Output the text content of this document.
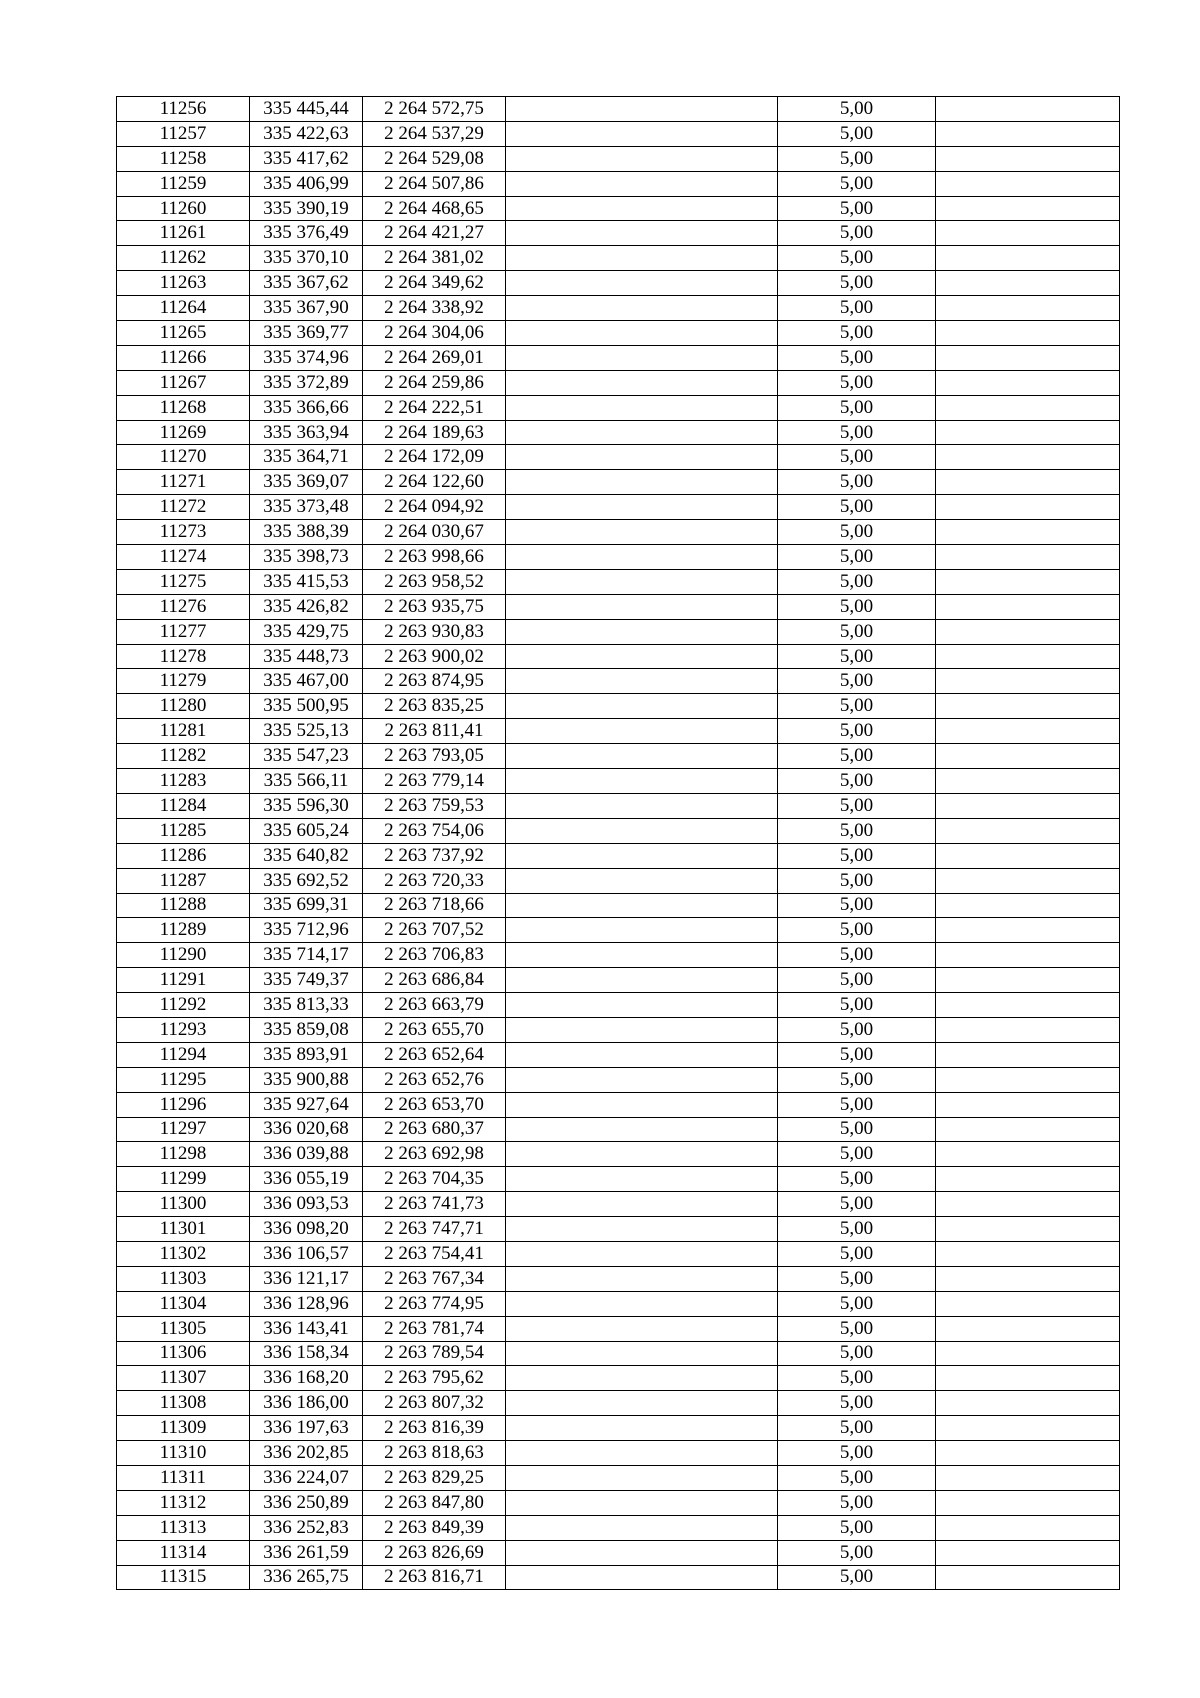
11256	335 445,44	2 264 572,75		5,00	
11257	335 422,63	2 264 537,29		5,00	
11258	335 417,62	2 264 529,08		5,00	
11259	335 406,99	2 264 507,86		5,00	
11260	335 390,19	2 264 468,65		5,00	
11261	335 376,49	2 264 421,27		5,00	
11262	335 370,10	2 264 381,02		5,00	
11263	335 367,62	2 264 349,62		5,00	
11264	335 367,90	2 264 338,92		5,00	
11265	335 369,77	2 264 304,06		5,00	
11266	335 374,96	2 264 269,01		5,00	
11267	335 372,89	2 264 259,86		5,00	
11268	335 366,66	2 264 222,51		5,00	
11269	335 363,94	2 264 189,63		5,00	
11270	335 364,71	2 264 172,09		5,00	
11271	335 369,07	2 264 122,60		5,00	
11272	335 373,48	2 264 094,92		5,00	
11273	335 388,39	2 264 030,67		5,00	
11274	335 398,73	2 263 998,66		5,00	
11275	335 415,53	2 263 958,52		5,00	
11276	335 426,82	2 263 935,75		5,00	
11277	335 429,75	2 263 930,83		5,00	
11278	335 448,73	2 263 900,02		5,00	
11279	335 467,00	2 263 874,95		5,00	
11280	335 500,95	2 263 835,25		5,00	
11281	335 525,13	2 263 811,41		5,00	
11282	335 547,23	2 263 793,05		5,00	
11283	335 566,11	2 263 779,14		5,00	
11284	335 596,30	2 263 759,53		5,00	
11285	335 605,24	2 263 754,06		5,00	
11286	335 640,82	2 263 737,92		5,00	
11287	335 692,52	2 263 720,33		5,00	
11288	335 699,31	2 263 718,66		5,00	
11289	335 712,96	2 263 707,52		5,00	
11290	335 714,17	2 263 706,83		5,00	
11291	335 749,37	2 263 686,84		5,00	
11292	335 813,33	2 263 663,79		5,00	
11293	335 859,08	2 263 655,70		5,00	
11294	335 893,91	2 263 652,64		5,00	
11295	335 900,88	2 263 652,76		5,00	
11296	335 927,64	2 263 653,70		5,00	
11297	336 020,68	2 263 680,37		5,00	
11298	336 039,88	2 263 692,98		5,00	
11299	336 055,19	2 263 704,35		5,00	
11300	336 093,53	2 263 741,73		5,00	
11301	336 098,20	2 263 747,71		5,00	
11302	336 106,57	2 263 754,41		5,00	
11303	336 121,17	2 263 767,34		5,00	
11304	336 128,96	2 263 774,95		5,00	
11305	336 143,41	2 263 781,74		5,00	
11306	336 158,34	2 263 789,54		5,00	
11307	336 168,20	2 263 795,62		5,00	
11308	336 186,00	2 263 807,32		5,00	
11309	336 197,63	2 263 816,39		5,00	
11310	336 202,85	2 263 818,63		5,00	
11311	336 224,07	2 263 829,25		5,00	
11312	336 250,89	2 263 847,80		5,00	
11313	336 252,83	2 263 849,39		5,00	
11314	336 261,59	2 263 826,69		5,00	
11315	336 265,75	2 263 816,71		5,00	
